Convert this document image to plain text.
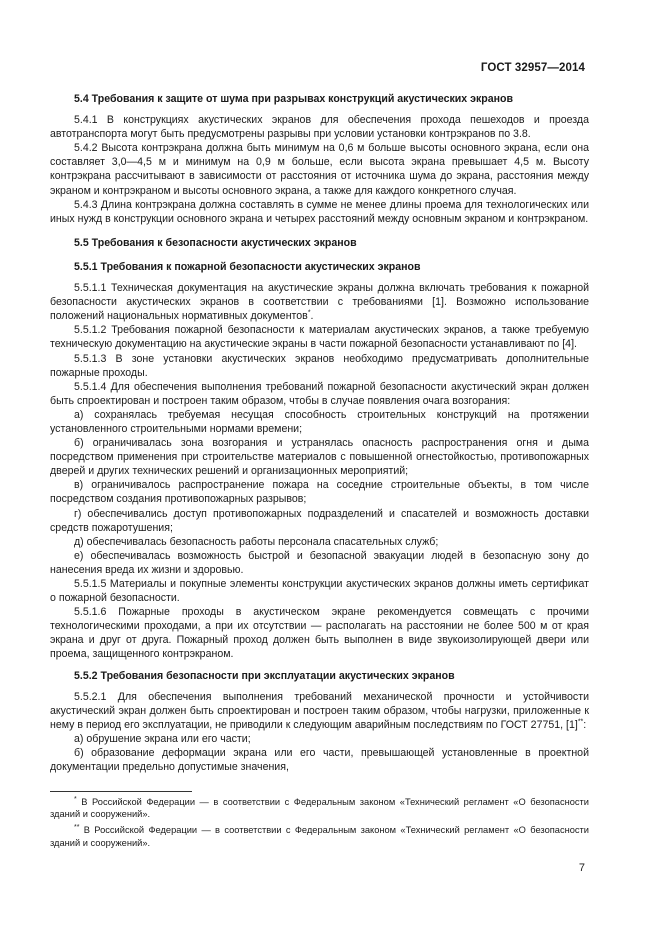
ГОСТ 32957—2014
5.4 Требования к защите от шума при разрывах конструкций акустических экранов

5.4.1 В конструкциях акустических экранов для обеспечения прохода пешеходов и проезда автотранспорта могут быть предусмотрены разрывы при условии установки контрэкранов по 3.8.

5.4.2 Высота контрэкрана должна быть минимум на 0,6 м больше высоты основного экрана, если она составляет 3,0—4,5 м и минимум на 0,9 м больше, если высота экрана превышает 4,5 м. Высоту контрэкрана рассчитывают в зависимости от расстояния от источника шума до экрана, расстояния между экраном и контрэкраном и высоты основного экрана, а также для каждого конкретного случая.

5.4.3 Длина контрэкрана должна составлять в сумме не менее длины проема для технологических или иных нужд в конструкции основного экрана и четырех расстояний между основным экраном и контрэкраном.

5.5 Требования к безопасности акустических экранов
5.5.1 Требования к пожарной безопасности акустических экранов

5.5.1.1 Техническая документация на акустические экраны должна включать требования к пожарной безопасности акустических экранов в соответствии с требованиями [1]. Возможно использование положений национальных нормативных документов*.

5.5.1.2 Требования пожарной безопасности к материалам акустических экранов, а также требуемую техническую документацию на акустические экраны в части пожарной безопасности устанавливают по [4].

5.5.1.3 В зоне установки акустических экранов необходимо предусматривать дополнительные пожарные проходы.

5.5.1.4 Для обеспечения выполнения требований пожарной безопасности акустический экран должен быть спроектирован и построен таким образом, чтобы в случае появления очага возгорания:

а) сохранялась требуемая несущая способность строительных конструкций на протяжении установленного строительными нормами времени;

б) ограничивалась зона возгорания и устранялась опасность распространения огня и дыма посредством применения при строительстве материалов с повышенной огнестойкостью, противопожарных дверей и других технических решений и организационных мероприятий;

в) ограничивалось распространение пожара на соседние строительные объекты, в том числе посредством создания противопожарных разрывов;

г) обеспечивались доступ противопожарных подразделений и спасателей и возможность доставки средств пожаротушения;

д) обеспечивалась безопасность работы персонала спасательных служб;

е) обеспечивалась возможность быстрой и безопасной эвакуации людей в безопасную зону до нанесения вреда их жизни и здоровью.

5.5.1.5 Материалы и покупные элементы конструкции акустических экранов должны иметь сертификат о пожарной безопасности.

5.5.1.6 Пожарные проходы в акустическом экране рекомендуется совмещать с прочими технологическими проходами, а при их отсутствии — располагать на расстоянии не более 500 м от края экрана и друг от друга. Пожарный проход должен быть выполнен в виде звукоизолирующей двери или проема, защищенного контрэкраном.

5.5.2 Требования безопасности при эксплуатации акустических экранов

5.5.2.1 Для обеспечения выполнения требований механической прочности и устойчивости акустический экран должен быть спроектирован и построен таким образом, чтобы нагрузки, приложенные к нему в период его эксплуатации, не приводили к следующим аварийным последствиям по ГОСТ 27751, [1]**:

а) обрушение экрана или его части;

б) образование деформации экрана или его части, превышающей установленные в проектной документации предельно допустимые значения,

* В Российской Федерации — в соответствии с Федеральным законом «Технический регламент «О безопасности зданий и сооружений».

** В Российской Федерации — в соответствии с Федеральным законом «Технический регламент «О безопасности зданий и сооружений».

7
